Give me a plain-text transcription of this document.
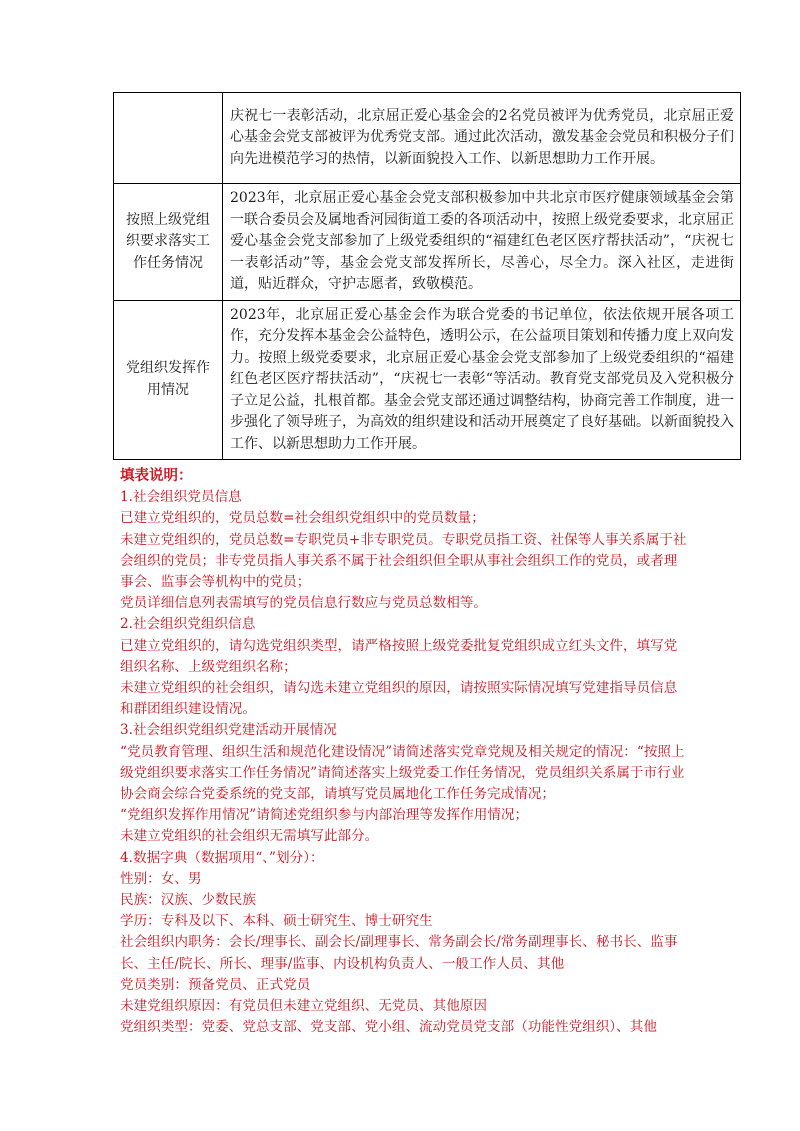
	庆祝七一表彰活动，北京屈正爱心基金会的2名党员被评为优秀党员，北京屈正爱心基金会党支部被评为优秀党支部。通过此次活动，激发基金会党员和积极分子们向先进模范学习的热情，以新面貌投入工作、以新思想助力工作开展。
按照上级党组织要求落实工作任务情况	2023年，北京屈正爱心基金会党支部积极参加中共北京市医疗健康领域基金会第一联合委员会及属地香河园街道工委的各项活动中，按照上级党委要求，北京屈正爱心基金会党支部参加了上级党委组织的“福建红色老区医疗帮扶活动”，“庆祝七一表彰活动”等，基金会党支部发挥所长，尽善心，尽全力。深入社区，走进街道，贴近群众，守护志愿者，致敬模范。
党组织发挥作用情况	2023年，北京屈正爱心基金会作为联合党委的书记单位，依法依规开展各项工作，充分发挥本基金会公益特色，透明公示，在公益项目策划和传播力度上双向发力。按照上级党委要求，北京屈正爱心基金会党支部参加了上级党委组织的“福建红色老区医疗帮扶活动”，“庆祝七一表彰“等活动。教育党支部党员及入党积极分子立足公益，扎根首都。基金会党支部还通过调整结构，协商完善工作制度，进一步强化了领导班子，为高效的组织建设和活动开展奠定了良好基础。以新面貌投入工作、以新思想助力工作开展。

填表说明：

1.社会组织党员信息

已建立党组织的，党员总数=社会组织党组织中的党员数量；

未建立党组织的，党员总数=专职党员+非专职党员。专职党员指工资、社保等人事关系属于社会组织的党员；非专党员指人事关系不属于社会组织但全职从事社会组织工作的党员，或者理事会、监事会等机构中的党员；

党员详细信息列表需填写的党员信息行数应与党员总数相等。

2.社会组织党组织信息

已建立党组织的，请勾选党组织类型，请严格按照上级党委批复党组织成立红头文件，填写党组织名称、上级党组织名称；

未建立党组织的社会组织，请勾选未建立党组织的原因，请按照实际情况填写党建指导员信息和群团组织建设情况。

3.社会组织党组织党建活动开展情况

“党员教育管理、组织生活和规范化建设情况”请简述落实党章党规及相关规定的情况：“按照上级党组织要求落实工作任务情况”请简述落实上级党委工作任务情况，党员组织关系属于市行业协会商会综合党委系统的党支部，请填写党员属地化工作任务完成情况；

“党组织发挥作用情况”请简述党组织参与内部治理等发挥作用情况；

未建立党组织的社会组织无需填写此部分。

4.数据字典（数据项用“、”划分）：

性别：女、男

民族：汉族、少数民族

学历：专科及以下、本科、硕士研究生、博士研究生

社会组织内职务：会长/理事长、副会长/副理事长、常务副会长/常务副理事长、秘书长、监事长、主任/院长、所长、理事/监事、内设机构负责人、一般工作人员、其他

党员类别：预备党员、正式党员

未建党组织原因：有党员但未建立党组织、无党员、其他原因

党组织类型：党委、党总支部、党支部、党小组、流动党员党支部（功能性党组织）、其他
